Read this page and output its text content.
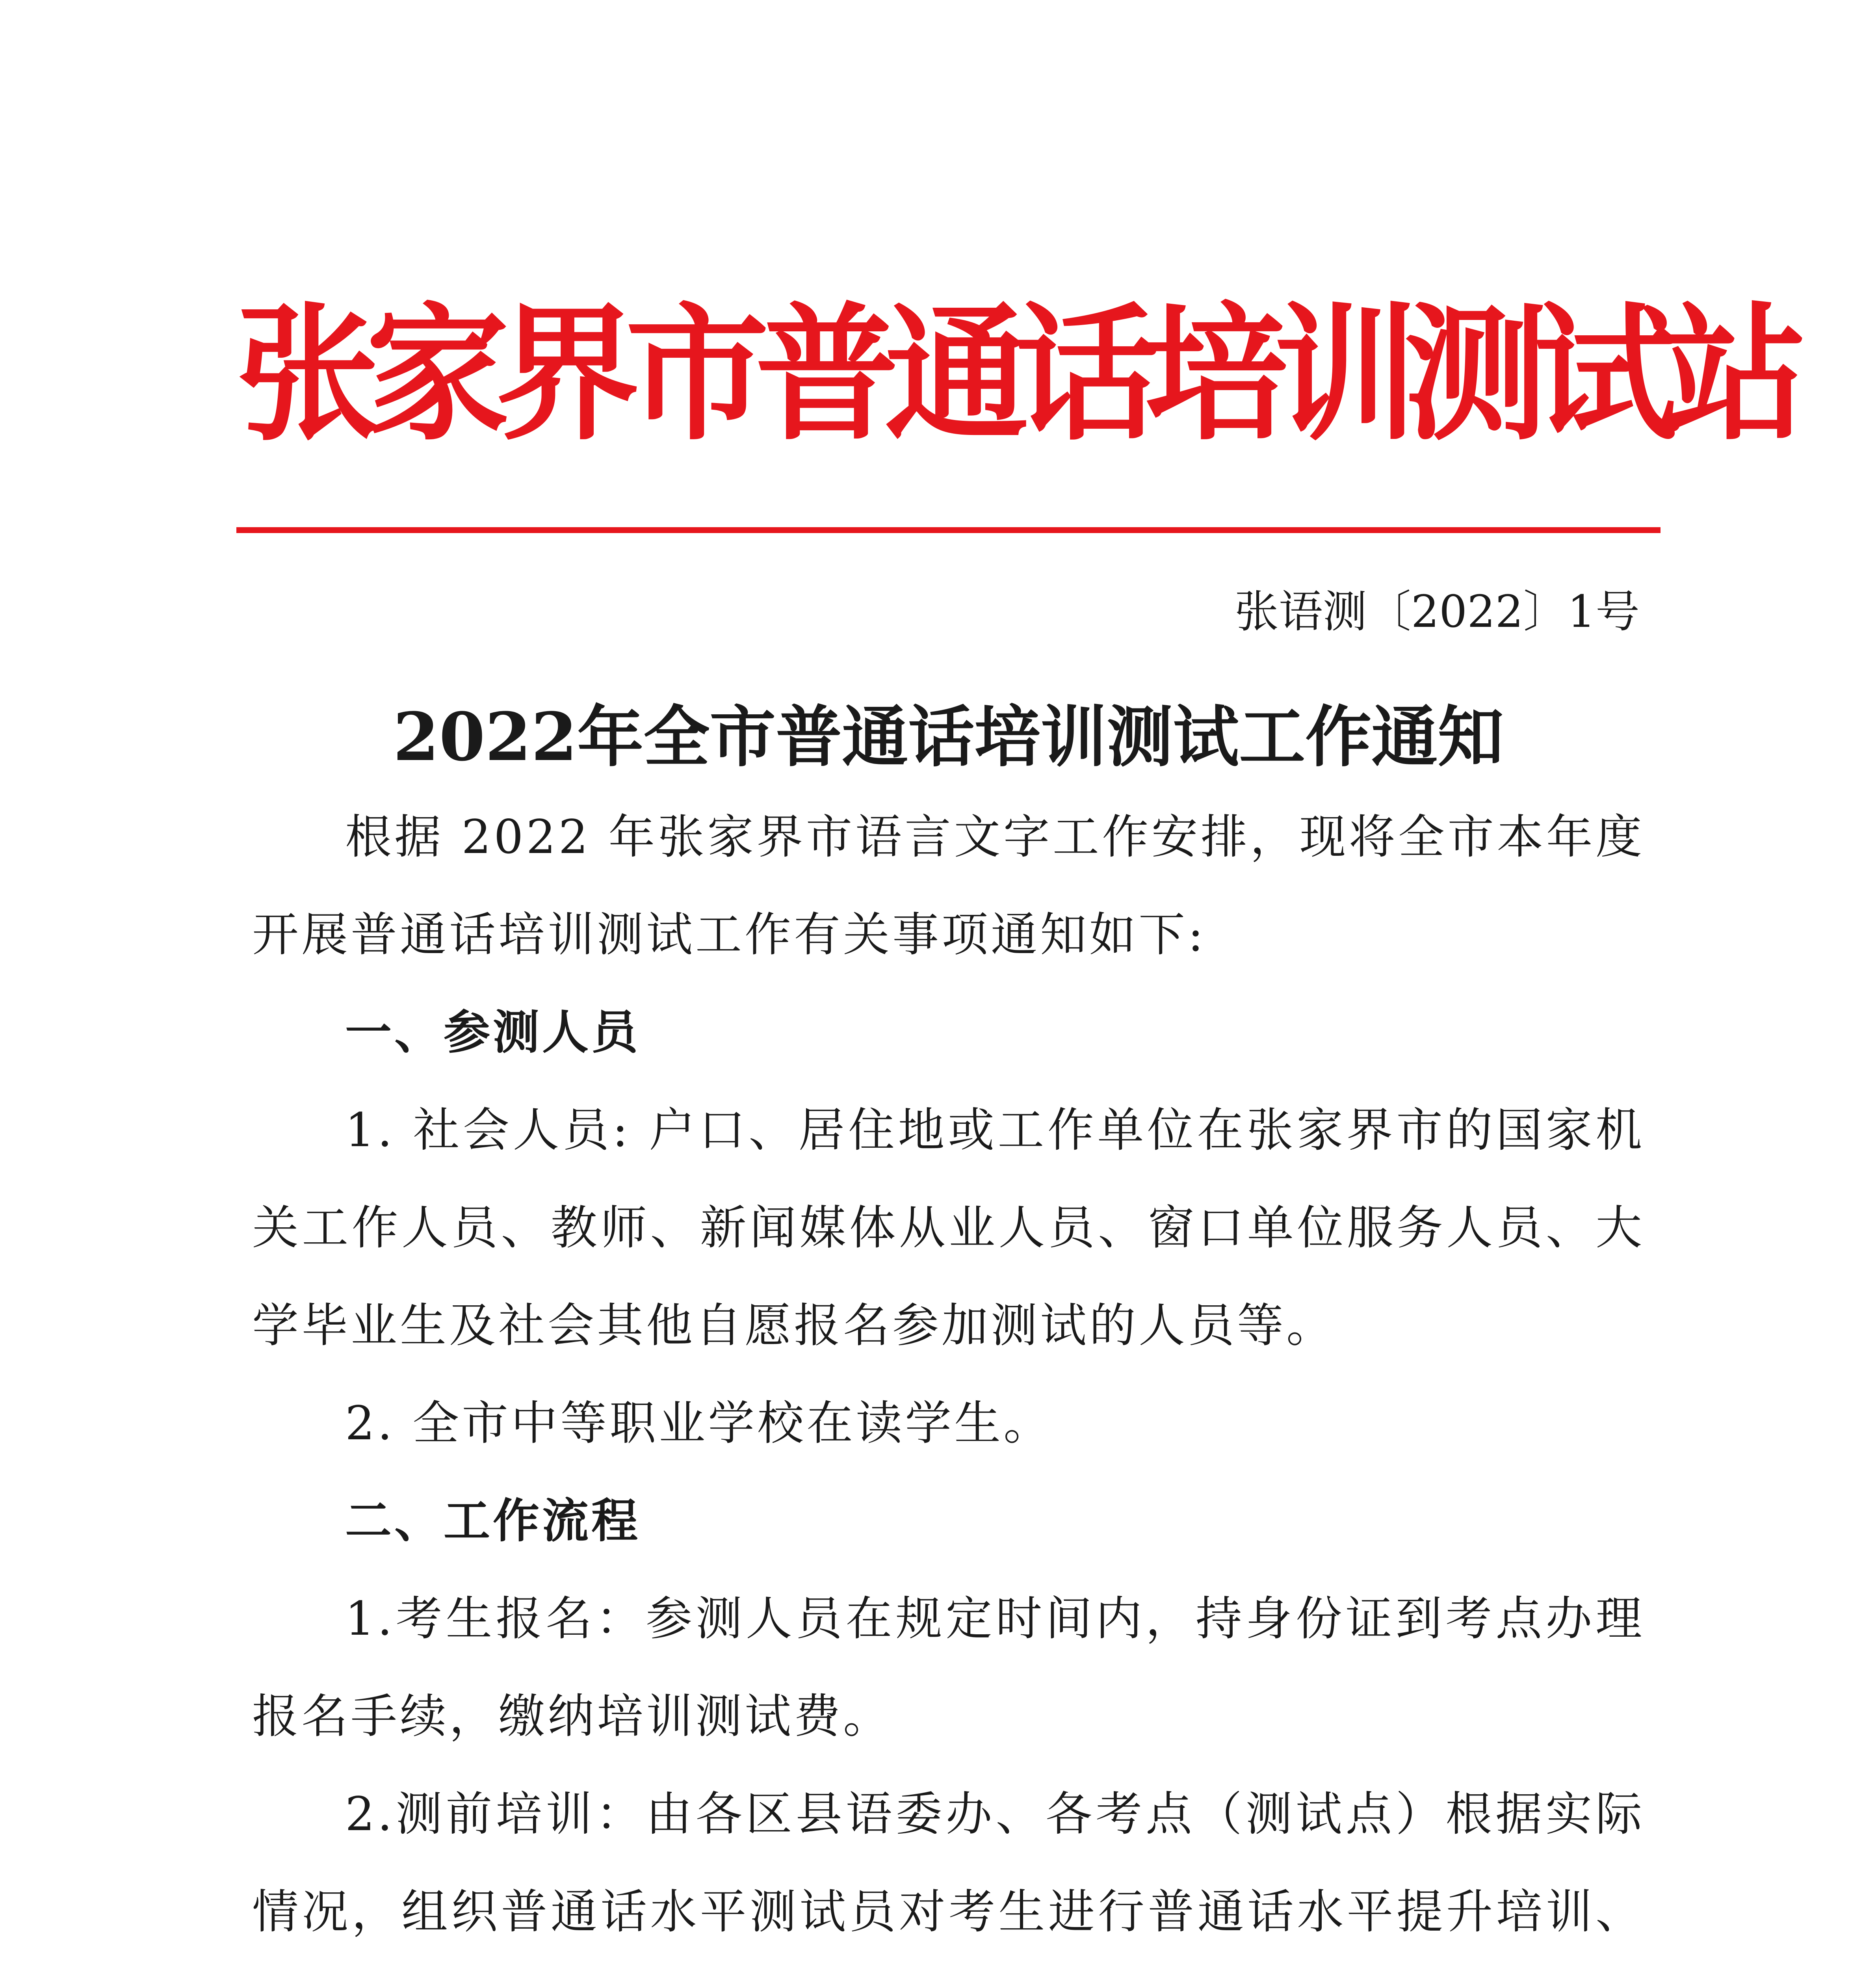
张家界市普通话培训测试站
张语测〔2022〕1号
2022年全市普通话培训测试工作通知

根据 2022 年张家界市语言文字工作安排，现将全市本年度开展普通话培训测试工作有关事项通知如下:

一、参测人员

1. 社会人员: 户口、居住地或工作单位在张家界市的国家机关工作人员、教师、新闻媒体从业人员、窗口单位服务人员、大学毕业生及社会其他自愿报名参加测试的人员等。

2. 全市中等职业学校在读学生。

二、工作流程

1.考生报名：参测人员在规定时间内，持身份证到考点办理报名手续，缴纳培训测试费。

2.测前培训：由各区县语委办、各考点（测试点）根据实际情况，组织普通话水平测试员对考生进行普通话水平提升培训、
